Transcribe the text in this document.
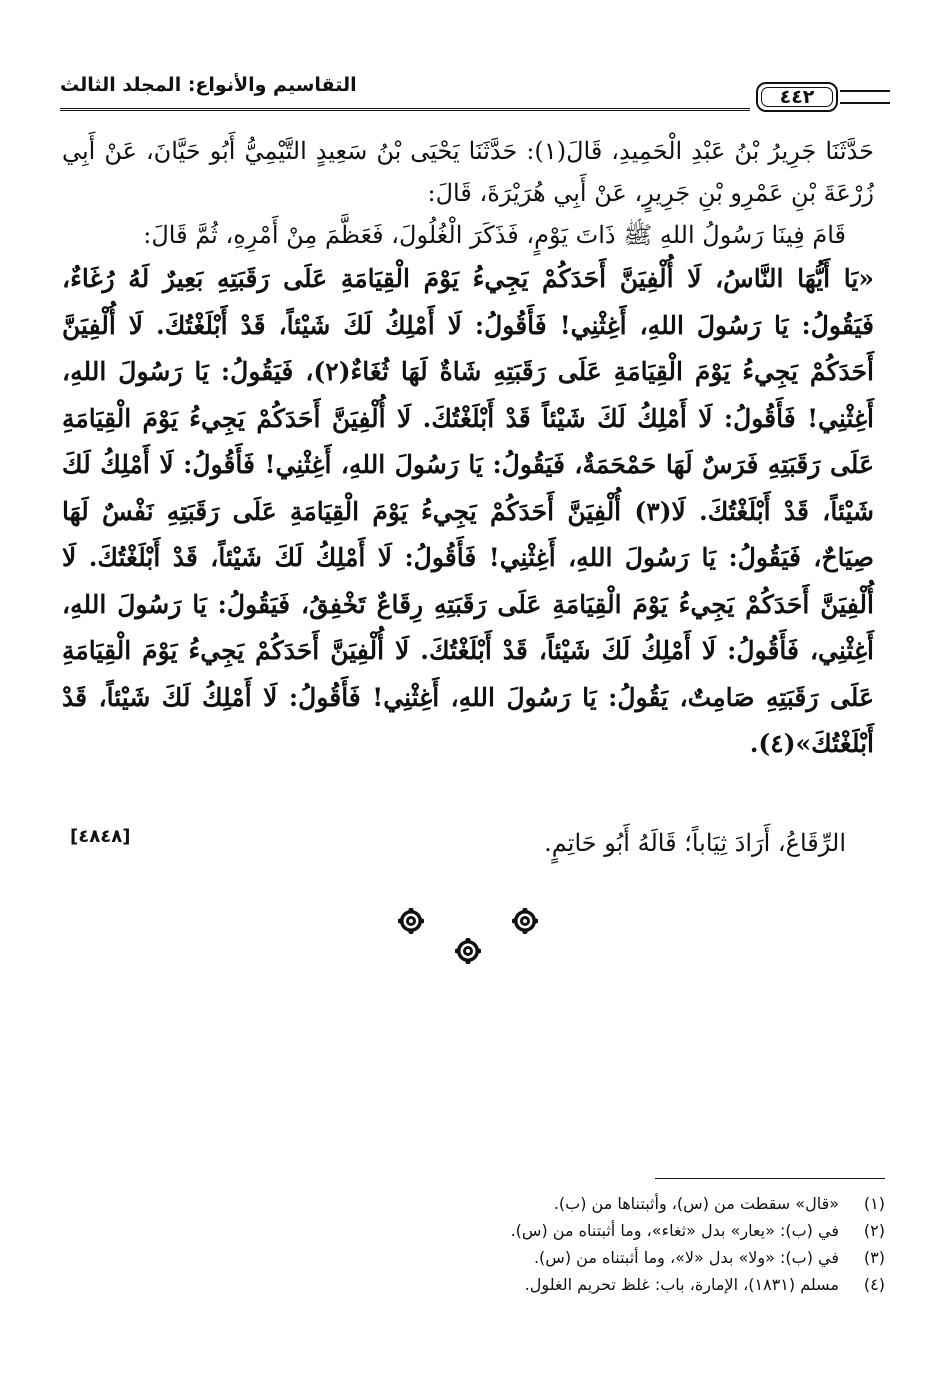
التقاسيم والأنواع: المجلد الثالث
٤٤٢

حَدَّثَنَا جَرِيرُ بْنُ عَبْدِ الْحَمِيدِ، قَالَ(١): حَدَّثَنَا يَحْيَى بْنُ سَعِيدٍ التَّيْمِيُّ أَبُو حَيَّانَ، عَنْ أَبِي زُرْعَةَ بْنِ عَمْرِو بْنِ جَرِيرٍ، عَنْ أَبِي هُرَيْرَةَ، قَالَ:

قَامَ فِينَا رَسُولُ اللهِ ﷺ ذَاتَ يَوْمٍ، فَذَكَرَ الْغُلُولَ، فَعَظَّمَ مِنْ أَمْرِهِ، ثُمَّ قَالَ:

«يَا أَيُّهَا النَّاسُ، لَا أُلْفِيَنَّ أَحَدَكُمْ يَجِيءُ يَوْمَ الْقِيَامَةِ عَلَى رَقَبَتِهِ بَعِيرٌ لَهُ رُغَاءٌ، فَيَقُولُ: يَا رَسُولَ اللهِ، أَغِثْنِي! فَأَقُولُ: لَا أَمْلِكُ لَكَ شَيْئاً، قَدْ أَبْلَغْتُكَ. لَا أُلْفِيَنَّ أَحَدَكُمْ يَجِيءُ يَوْمَ الْقِيَامَةِ عَلَى رَقَبَتِهِ شَاةٌ لَهَا ثُغَاءٌ(٢)، فَيَقُولُ: يَا رَسُولَ اللهِ، أَغِثْنِي! فَأَقُولُ: لَا أَمْلِكُ لَكَ شَيْئاً قَدْ أَبْلَغْتُكَ. لَا أُلْفِيَنَّ أَحَدَكُمْ يَجِيءُ يَوْمَ الْقِيَامَةِ عَلَى رَقَبَتِهِ فَرَسٌ لَهَا حَمْحَمَةٌ، فَيَقُولُ: يَا رَسُولَ اللهِ، أَغِثْنِي! فَأَقُولُ: لَا أَمْلِكُ لَكَ شَيْئاً، قَدْ أَبْلَغْتُكَ. لَا(٣) أُلْفِيَنَّ أَحَدَكُمْ يَجِيءُ يَوْمَ الْقِيَامَةِ عَلَى رَقَبَتِهِ نَفْسٌ لَهَا صِيَاحٌ، فَيَقُولُ: يَا رَسُولَ اللهِ، أَغِثْنِي! فَأَقُولُ: لَا أَمْلِكُ لَكَ شَيْئاً، قَدْ أَبْلَغْتُكَ. لَا أُلْفِيَنَّ أَحَدَكُمْ يَجِيءُ يَوْمَ الْقِيَامَةِ عَلَى رَقَبَتِهِ رِقَاعٌ تَخْفِقُ، فَيَقُولُ: يَا رَسُولَ اللهِ، أَغِثْنِي، فَأَقُولُ: لَا أَمْلِكُ لَكَ شَيْئاً، قَدْ أَبْلَغْتُكَ. لَا أُلْفِيَنَّ أَحَدَكُمْ يَجِيءُ يَوْمَ الْقِيَامَةِ عَلَى رَقَبَتِهِ صَامِتٌ، يَقُولُ: يَا رَسُولَ اللهِ، أَغِثْنِي! فَأَقُولُ: لَا أَمْلِكُ لَكَ شَيْئاً، قَدْ أَبْلَغْتُكَ»(٤).

الرِّقَاعُ، أَرَادَ ثِيَاباً؛ قَالَهُ أَبُو حَاتِمٍ.
[٤٨٤٨]
(١)
«قال» سقطت من (س)، وأثبتناها من (ب).
(٢)
في (ب): «يعار» بدل «ثغاء»، وما أثبتناه من (س).
(٣)
في (ب): «ولا» بدل «لا»، وما أثبتناه من (س).
(٤)
مسلم (١٨٣١)، الإمارة، باب: غلظ تحريم الغلول.
